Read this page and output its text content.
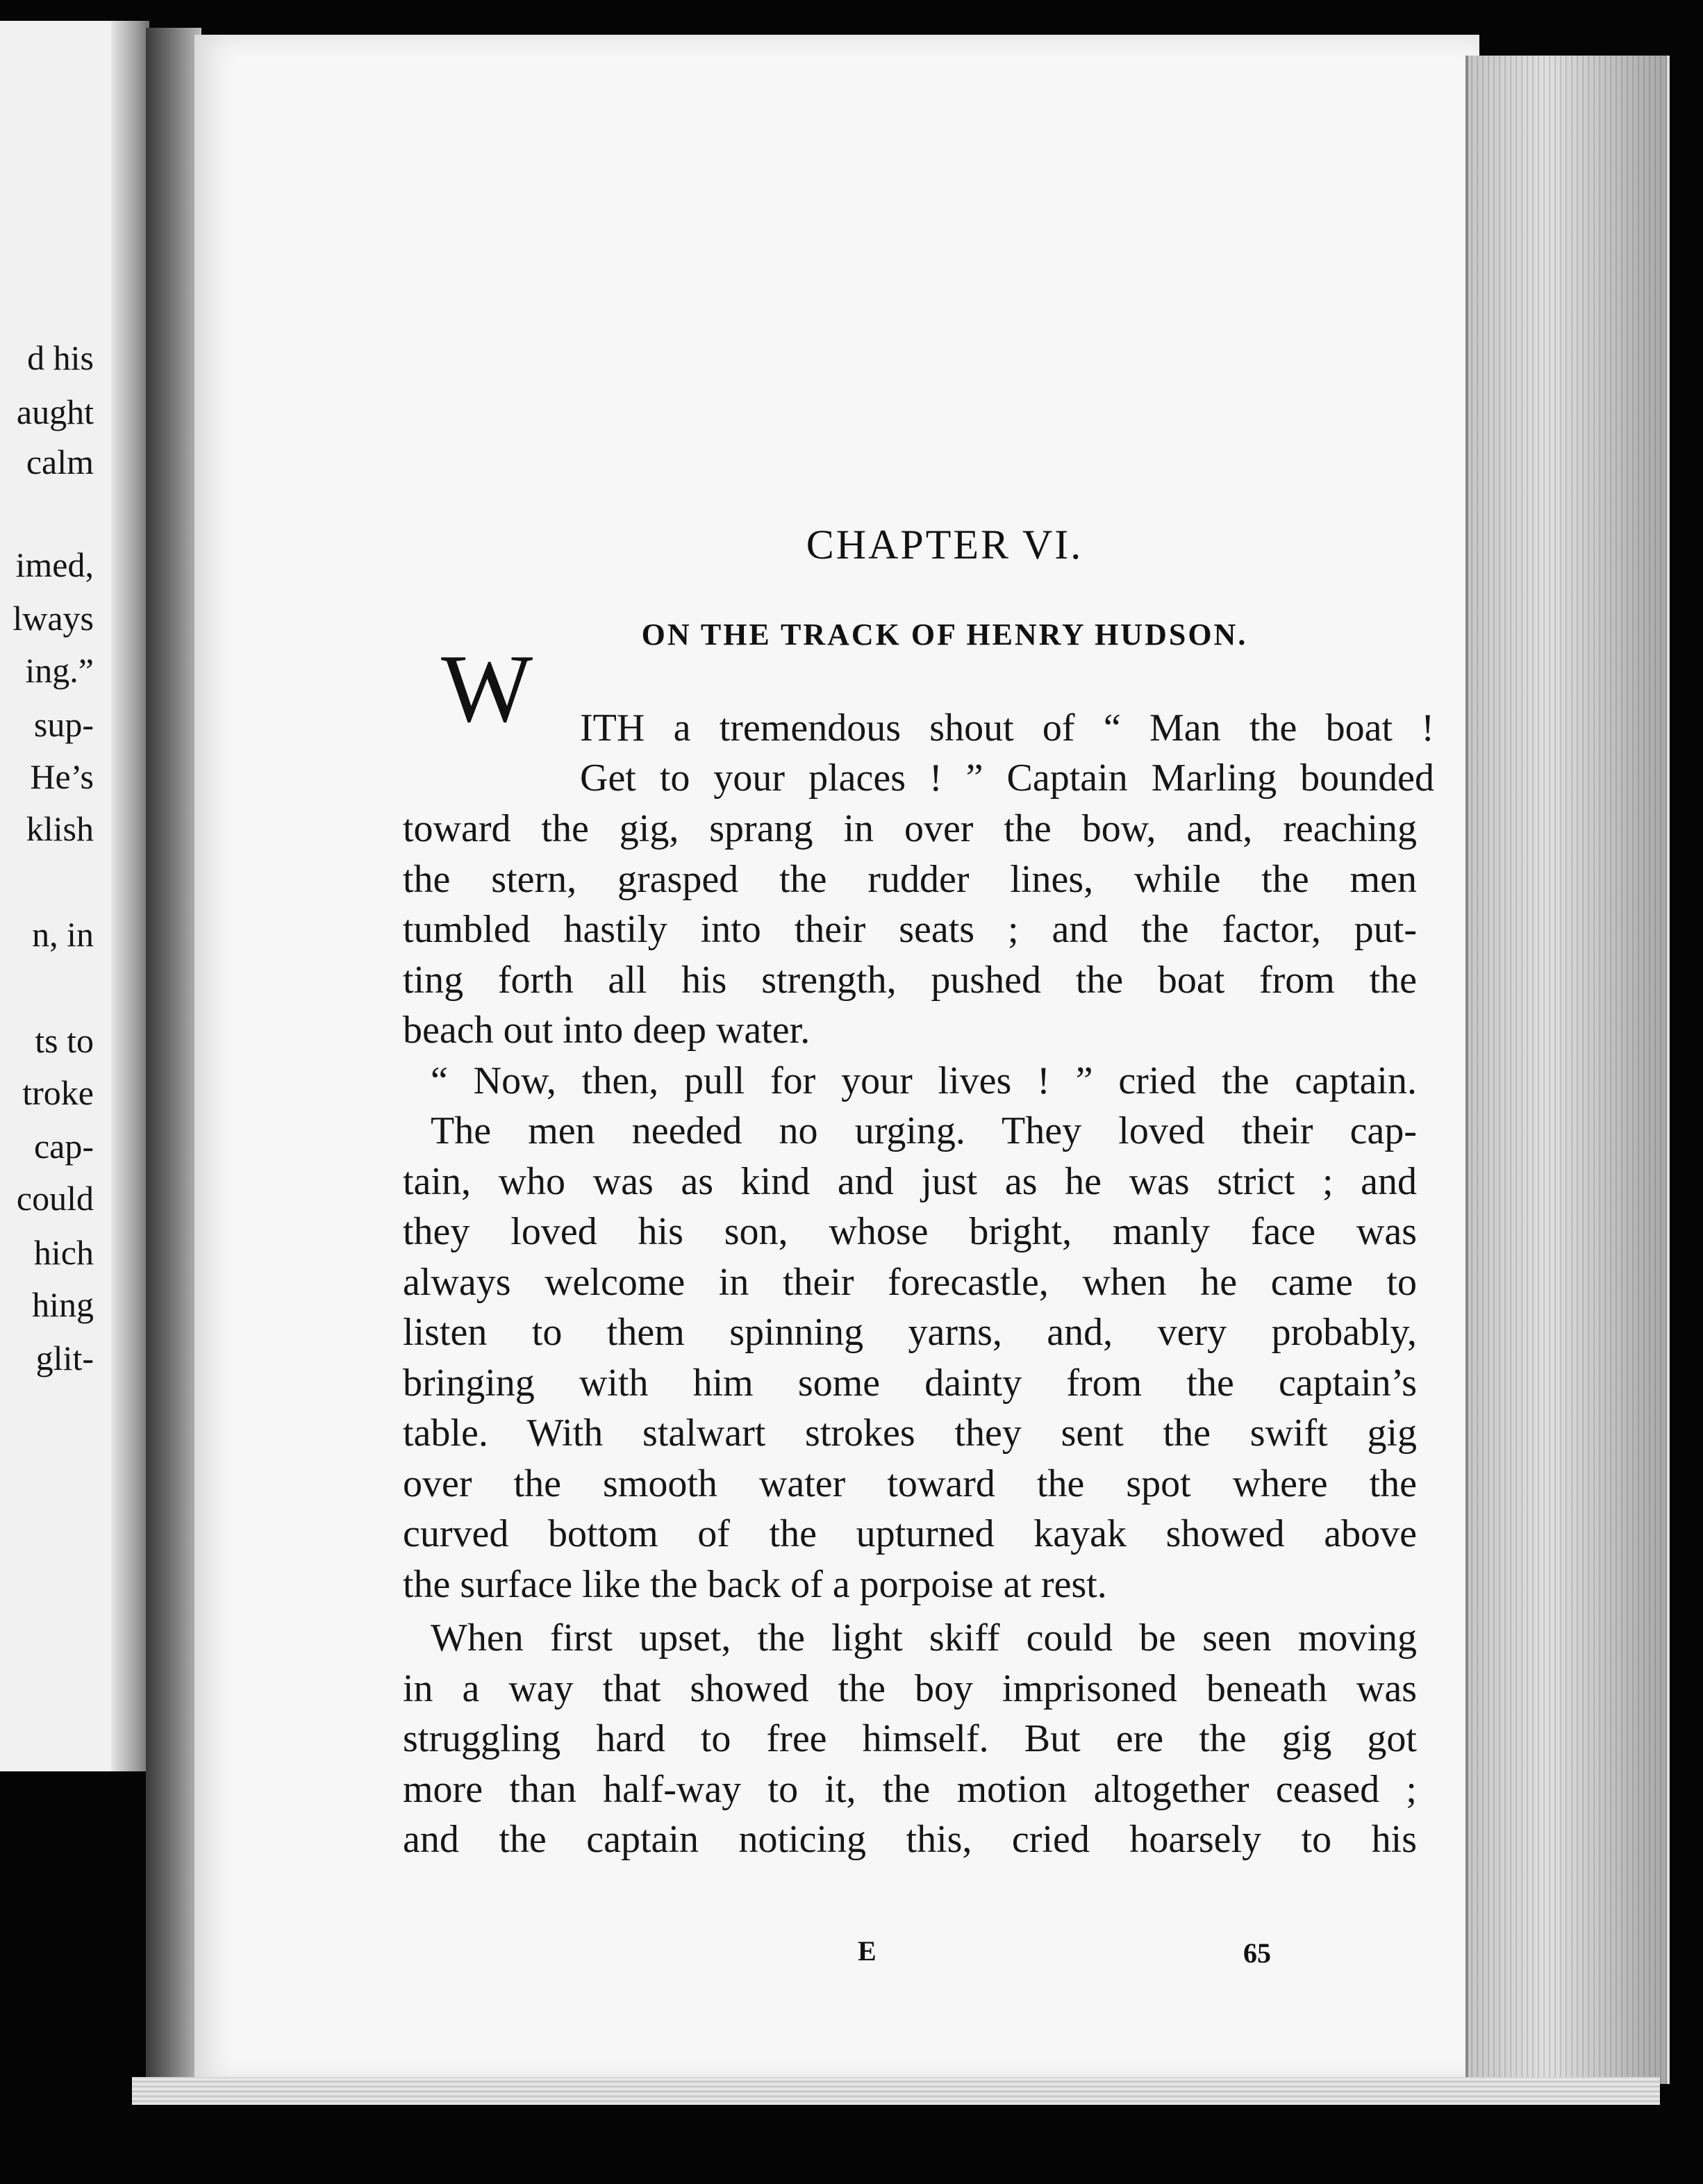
d his
aught
calm
imed,
lways
ing.”
sup-
He’s
klish
n, in
ts to
troke
cap-
could
hich
hing
glit-
CHAPTER VI.
ON THE TRACK OF HENRY HUDSON.
W ITH a tremendous shout of “ Man the boat !
Get to your places ! ” Captain Marling bounded
toward the gig, sprang in over the bow, and, reaching
the stern, grasped the rudder lines, while the men
tumbled hastily into their seats ; and the factor, put-
ting forth all his strength, pushed the boat from the
beach out into deep water.
“ Now, then, pull for your lives ! ” cried the captain.
The men needed no urging. They loved their cap-
tain, who was as kind and just as he was strict ; and
they loved his son, whose bright, manly face was
always welcome in their forecastle, when he came to
listen to them spinning yarns, and, very probably,
bringing with him some dainty from the captain’s
table. With stalwart strokes they sent the swift gig
over the smooth water toward the spot where the
curved bottom of the upturned kayak showed above
the surface like the back of a porpoise at rest.
When first upset, the light skiff could be seen moving
in a way that showed the boy imprisoned beneath was
struggling hard to free himself. But ere the gig got
more than half-way to it, the motion altogether ceased ;
and the captain noticing this, cried hoarsely to his
E	65
